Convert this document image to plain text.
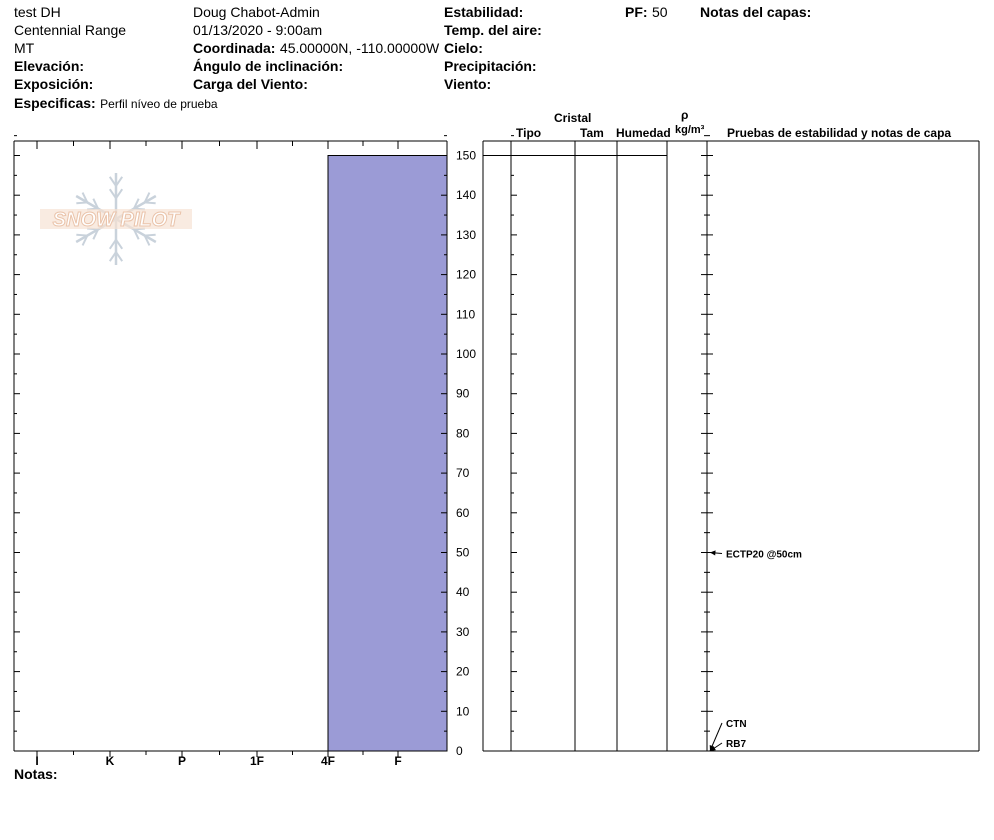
test DH
Centennial Range
MT
Elevación:
Exposición:
Especificas: Perfil níveo de prueba
Doug Chabot-Admin
01/13/2020 - 9:00am
Coordinada: 45.00000N, -110.00000W
Ángulo de inclinación:
Carga del Viento:
Estabilidad:
Temp. del aire:
Cielo:
Precipitación:
Viento:
PF: 50 Notas del capas:
Cristal
Tipo	Tam Humedad
ρ
kg/m³ Pruebas de estabilidad y notas de capa
Notas:
SNOW PILOT
I	K	P	1F	4F	F
0
10
20
30
40
50
60
70
80
90
100
110
120
130
140
150
ECTP20 @50cm
CTN
RB7
